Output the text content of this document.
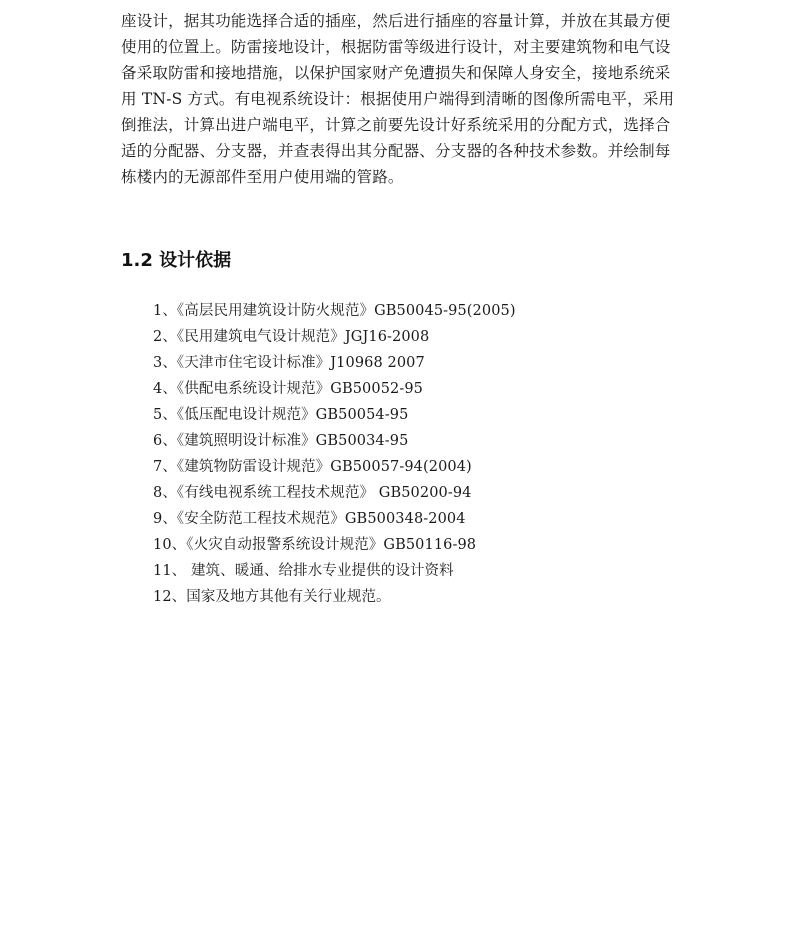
座设计，据其功能选择合适的插座，然后进行插座的容量计算，并放在其最方便
使用的位置上。防雷接地设计，根据防雷等级进行设计，对主要建筑物和电气设
备采取防雷和接地措施，以保护国家财产免遭损失和保障人身安全，接地系统采
用 TN-S 方式。有电视系统设计：根据使用户端得到清晰的图像所需电平，采用
倒推法，计算出进户端电平，计算之前要先设计好系统采用的分配方式，选择合
适的分配器、分支器，并查表得出其分配器、分支器的各种技术参数。并绘制每
栋楼内的无源部件至用户使用端的管路。
1.2 设计依据
1、《高层民用建筑设计防火规范》GB50045-95(2005)
2、《民用建筑电气设计规范》JGJ16-2008
3、《天津市住宅设计标准》J10968 2007
4、《供配电系统设计规范》GB50052-95
5、《低压配电设计规范》GB50054-95
6、《建筑照明设计标准》GB50034-95
7、《建筑物防雷设计规范》GB50057-94(2004)
8、《有线电视系统工程技术规范》 GB50200-94
9、《安全防范工程技术规范》GB500348-2004
10、《火灾自动报警系统设计规范》GB50116-98
11、 建筑、暖通、给排水专业提供的设计资料
12、国家及地方其他有关行业规范。
